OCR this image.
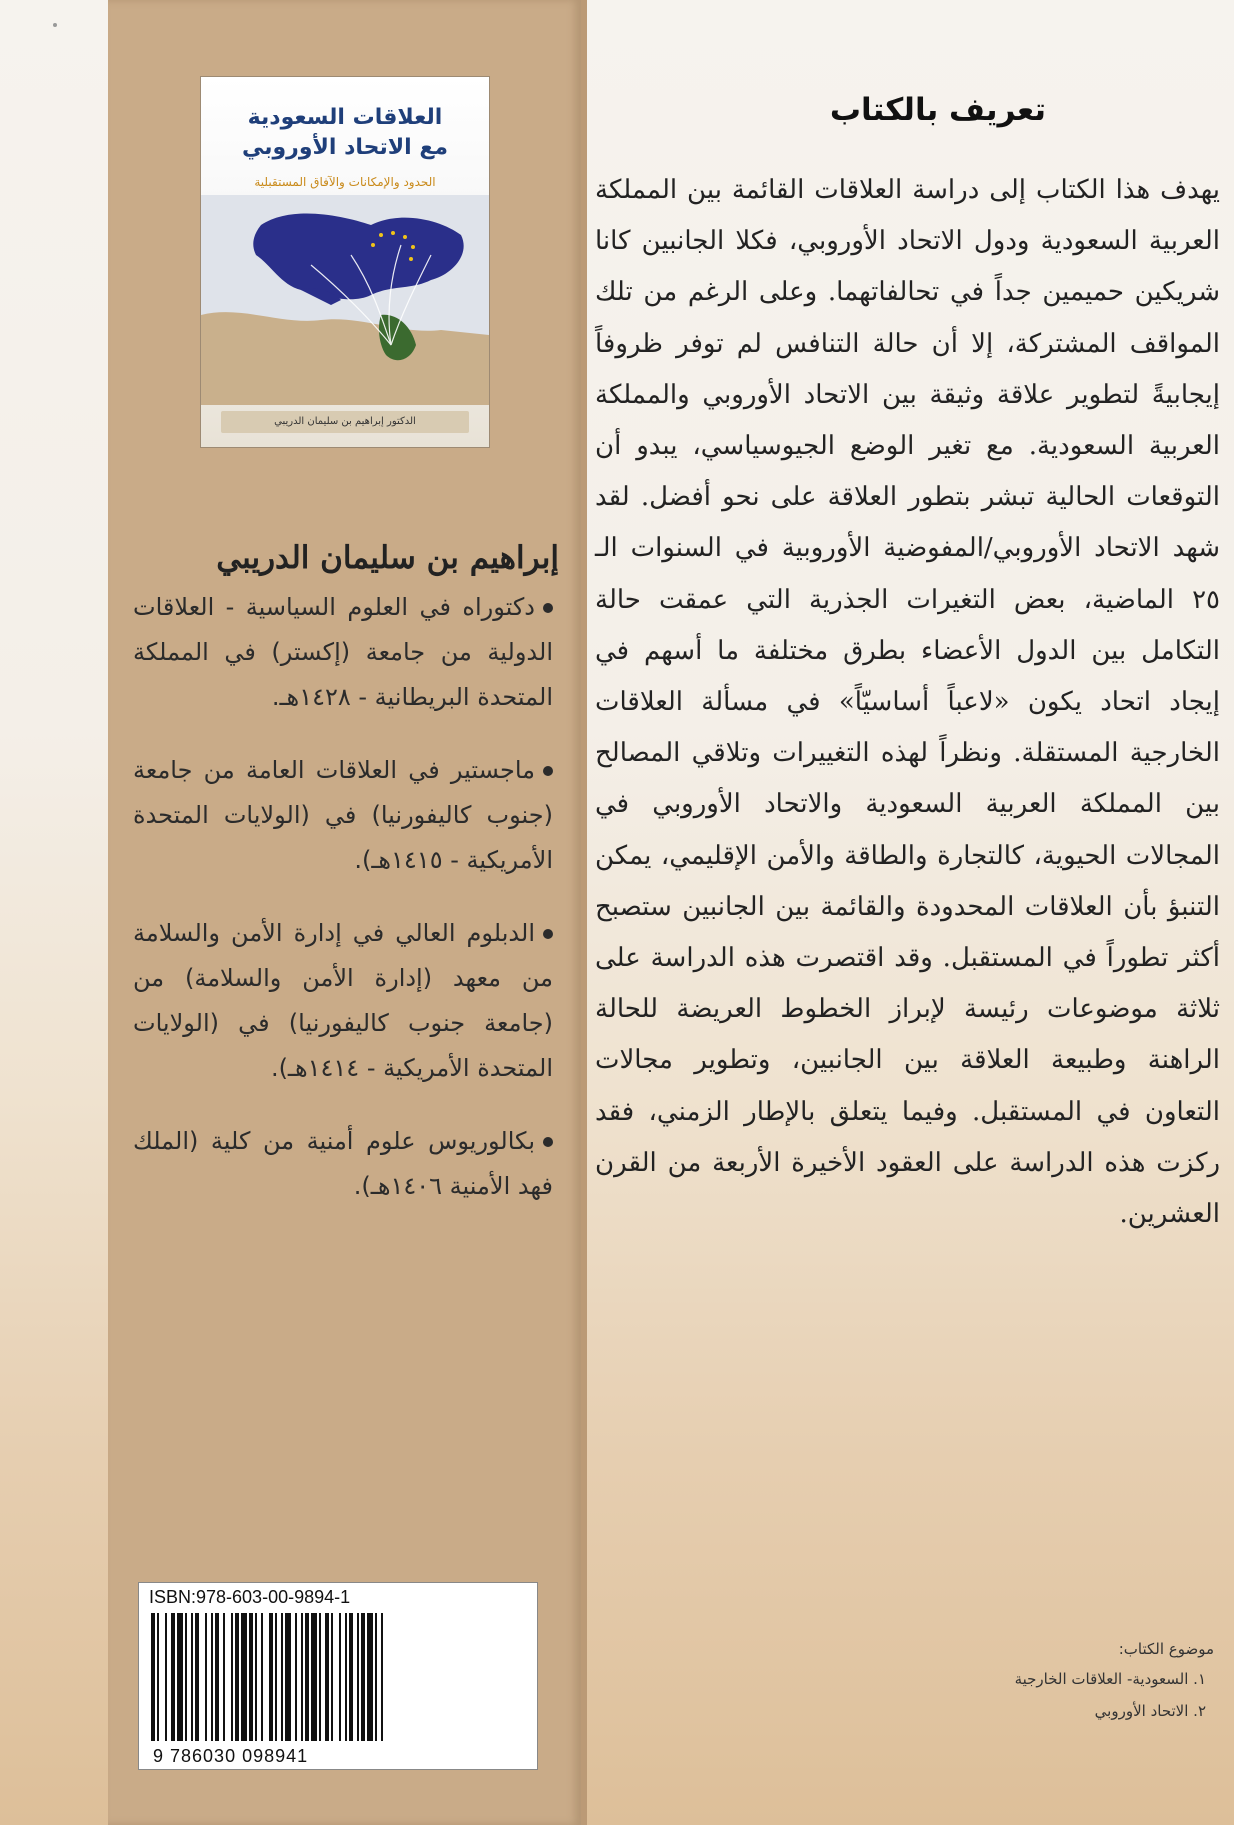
العلاقات السعودية
مع الاتحاد الأوروبي
الحدود والإمكانات والآفاق المستقبلية
الدكتور إبراهيم بن سليمان الدريبي
إبراهيم بن سليمان الدريبي
دكتوراه في العلوم السياسية - العلاقات الدولية من جامعة (إكستر) في المملكة المتحدة البريطانية - ١٤٢٨هـ.
ماجستير في العلاقات العامة من جامعة (جنوب كاليفورنيا) في (الولايات المتحدة الأمريكية - ١٤١٥هـ).
الدبلوم العالي في إدارة الأمن والسلامة من معهد (إدارة الأمن والسلامة) من (جامعة جنوب كاليفورنيا) في (الولايات المتحدة الأمريكية - ١٤١٤هـ).
بكالوريوس علوم أمنية من كلية (الملك فهد الأمنية ١٤٠٦هـ).
ISBN:978-603-00-9894-1
9 786030 098941
تعريف بالكتاب

يهدف هذا الكتاب إلى دراسة العلاقات القائمة بين المملكة العربية السعودية ودول الاتحاد الأوروبي، فكلا الجانبين كانا شريكين حميمين جداً في تحالفاتهما. وعلى الرغم من تلك المواقف المشتركة، إلا أن حالة التنافس لم توفر ظروفاً إيجابيةً لتطوير علاقة وثيقة بين الاتحاد الأوروبي والمملكة العربية السعودية. مع تغير الوضع الجيوسياسي، يبدو أن التوقعات الحالية تبشر بتطور العلاقة على نحو أفضل. لقد شهد الاتحاد الأوروبي/المفوضية الأوروبية في السنوات الـ ٢٥ الماضية، بعض التغيرات الجذرية التي عمقت حالة التكامل بين الدول الأعضاء بطرق مختلفة ما أسهم في إيجاد اتحاد يكون «لاعباً أساسيّاً» في مسألة العلاقات الخارجية المستقلة. ونظراً لهذه التغييرات وتلاقي المصالح بين المملكة العربية السعودية والاتحاد الأوروبي في المجالات الحيوية، كالتجارة والطاقة والأمن الإقليمي، يمكن التنبؤ بأن العلاقات المحدودة والقائمة بين الجانبين ستصبح أكثر تطوراً في المستقبل. وقد اقتصرت هذه الدراسة على ثلاثة موضوعات رئيسة لإبراز الخطوط العريضة للحالة الراهنة وطبيعة العلاقة بين الجانبين، وتطوير مجالات التعاون في المستقبل. وفيما يتعلق بالإطار الزمني، فقد ركزت هذه الدراسة على العقود الأخيرة الأربعة من القرن العشرين.

موضوع الكتاب:
١. السعودية- العلاقات الخارجية
٢. الاتحاد الأوروبي
